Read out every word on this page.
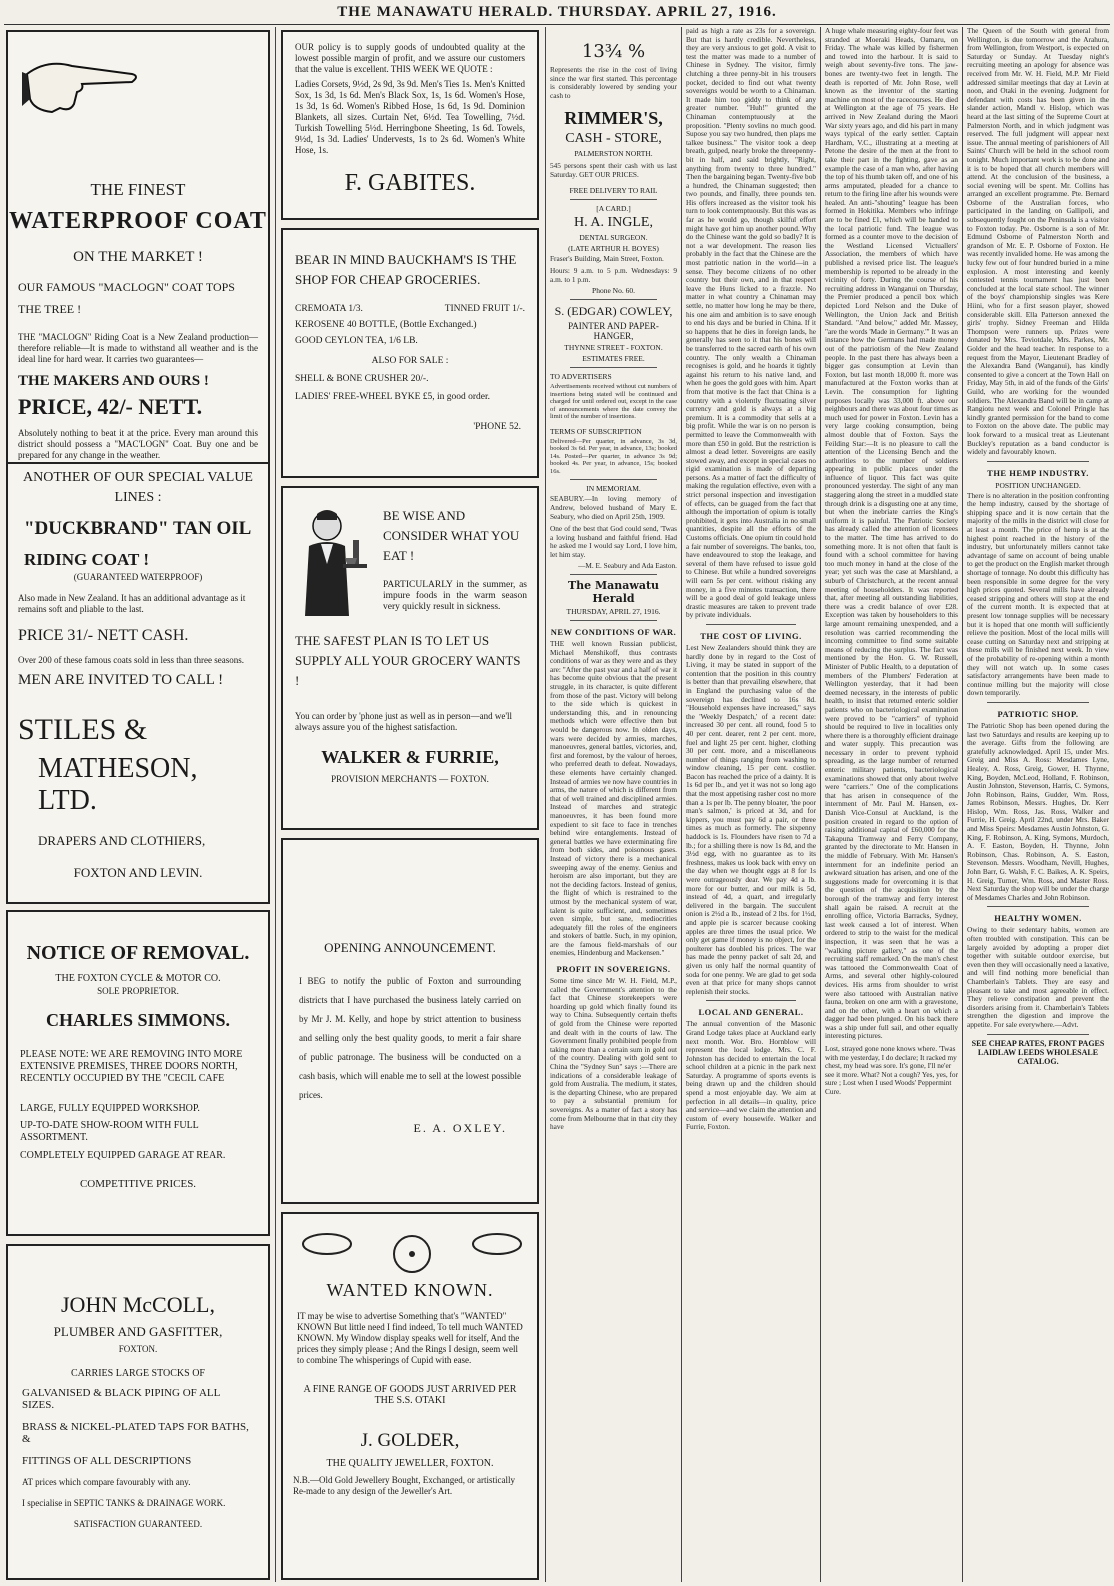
THE MANAWATU HERALD. THURSDAY. APRIL 27, 1916.

THE FINEST

WATERPROOF COAT

ON THE MARKET !

OUR FAMOUS "MACLOGN" COAT TOPS THE TREE !

THE "MACLOGN" Riding Coat is a New Zealand production—therefore reliable—It is made to withstand all weather and is the ideal line for hard wear. It carries two guarantees—

THE MAKERS AND OURS !

PRICE, 42/- NETT.

Absolutely nothing to beat it at the price. Every man around this district should possess a "MAC'LOGN" Coat. Buy one and be prepared for any change in the weather.

ANOTHER OF OUR SPECIAL VALUE LINES :

"DUCKBRAND" TAN OIL

RIDING COAT !

(GUARANTEED WATERPROOF)

Also made in New Zealand. It has an additional advantage as it remains soft and pliable to the last.

PRICE 31/- NETT CASH.

Over 200 of these famous coats sold in less than three seasons.

MEN ARE INVITED TO CALL !

STILES &

MATHESON, LTD.

DRAPERS AND CLOTHIERS,

FOXTON AND LEVIN.

NOTICE OF REMOVAL.

THE FOXTON CYCLE & MOTOR CO.

SOLE PROPRIETOR.

CHARLES SIMMONS.

PLEASE NOTE: WE ARE REMOVING INTO MORE EXTENSIVE PREMISES, THREE DOORS NORTH, RECENTLY OCCUPIED BY THE "CECIL CAFE

LARGE, FULLY EQUIPPED WORKSHOP.

UP-TO-DATE SHOW-ROOM WITH FULL ASSORTMENT.

COMPLETELY EQUIPPED GARAGE AT REAR.

COMPETITIVE PRICES.

JOHN McCOLL,

PLUMBER AND GASFITTER,

FOXTON.

CARRIES LARGE STOCKS OF

GALVANISED & BLACK PIPING OF ALL SIZES.

BRASS & NICKEL-PLATED TAPS FOR BATHS, &

FITTINGS OF ALL DESCRIPTIONS

AT prices which compare favourably with any.

I specialise in SEPTIC TANKS & DRAINAGE WORK.

SATISFACTION GUARANTEED.

OUR policy is to supply goods of undoubted quality at the lowest possible margin of profit, and we assure our customers that the value is excellent. THIS WEEK WE QUOTE :

Ladies Corsets, 9½d, 2s 9d, 3s 9d. Men's Ties 1s. Men's Knitted Sox, 1s 3d, 1s 6d. Men's Black Sox, 1s, 1s 6d. Women's Hose, 1s 3d, 1s 6d. Women's Ribbed Hose, 1s 6d, 1s 9d. Dominion Blankets, all sizes. Curtain Net, 6½d. Tea Towelling, 7½d. Turkish Towelling 5½d. Herringbone Sheeting, 1s 6d. Towels, 9½d, 1s 3d. Ladies' Undervests, 1s to 2s 6d. Women's White Hose, 1s.

F. GABITES.

BEAR IN MIND BAUCKHAM'S IS THE SHOP FOR CHEAP GROCERIES.

CREMOATA 1/3.	TINNED FRUIT 1/-.

KEROSENE 40 BOTTLE, (Bottle Exchanged.)

GOOD CEYLON TEA, 1/6 LB.

ALSO FOR SALE :

SHELL & BONE CRUSHER 20/-.

LADIES' FREE-WHEEL BYKE £5, in good order.

'PHONE 52.

BE WISE AND CONSIDER WHAT YOU EAT !

PARTICULARLY in the summer, as impure foods in the warm season very quickly result in sickness.

THE SAFEST PLAN IS TO LET US SUPPLY ALL YOUR GROCERY WANTS !

You can order by 'phone just as well as in person—and we'll always assure you of the highest satisfaction.

WALKER & FURRIE,

PROVISION MERCHANTS — FOXTON.

OPENING ANNOUNCEMENT.

I BEG to notify the public of Foxton and surrounding districts that I have purchased the business lately carried on by Mr J. M. Kelly, and hope by strict attention to business and selling only the best quality goods, to merit a fair share of public patronage. The business will be conducted on a cash basis, which will enable me to sell at the lowest possible prices.

E. A. OXLEY.

WANTED KNOWN.

IT may be wise to advertise Something that's "WANTED" KNOWN But little need I find indeed, To tell much WANTED KNOWN. My Window display speaks well for itself, And the prices they simply please ; And the Rings I design, seem well to combine The whisperings of Cupid with ease.

A FINE RANGE OF GOODS JUST ARRIVED PER THE S.S. OTAKI

J. GOLDER,

THE QUALITY JEWELLER, FOXTON.

N.B.—Old Gold Jewellery Bought, Exchanged, or artistically Re-made to any design of the Jeweller's Art.

13¾ %

Represents the rise in the cost of living since the war first started. This percentage is considerably lowered by sending your cash to

RIMMER'S,

CASH - STORE,

PALMERSTON NORTH.

545 persons spent their cash with us last Saturday. GET OUR PRICES.

FREE DELIVERY TO RAIL

[A CARD.]

H. A. INGLE,

DENTAL SURGEON.

(LATE ARTHUR H. BOYES)

Fraser's Building, Main Street, Foxton.

Hours: 9 a.m. to 5 p.m. Wednesdays: 9 a.m. to 1 p.m.

Phone No. 60.

S. (EDGAR) COWLEY,

PAINTER AND PAPER-HANGER,

THYNNE STREET - FOXTON.

ESTIMATES FREE.

TO ADVERTISERS

Advertisements received without cut numbers of insertions being stated will be continued and charged for until ordered out, except in the case of announcements where the date convey the limit of the number of insertions.

TERMS OF SUBSCRIPTION

Delivered—Per quarter, in advance, 3s 3d, booked 3s 6d. Per year, in advance, 13s; booked 14s. Posted—Per quarter, in advance 3s 9d; booked 4s. Per year, in advance, 15s; booked 16s.

IN MEMORIAM.

SEABURY.—In loving memory of Andrew, beloved husband of Mary E. Seabury, who died on April 25th, 1909.

One of the best that God could send, 'Twas a loving husband and faithful friend. Had he asked me I would say Lord, I love him, let him stay.

—M. E. Seabury and Ada Easton.

The Manawatu Herald

THURSDAY, APRIL 27, 1916.

NEW CONDITIONS OF WAR.

THE well known Russian publicist, Michael Menshikoff, thus contrasts conditions of war as they were and as they are: "After the past year and a half of war it has become quite obvious that the present struggle, in its character, is quite different from those of the past. Victory will belong to the side which is quickest in understanding this, and in renouncing methods which were effective then but would be dangerous now. In olden days, wars were decided by armies, marches, manoeuvres, general battles, victories, and, first and foremost, by the valour of heroes, who preferred death to defeat. Nowadays, these elements have certainly changed. Instead of armies we now have countries in arms, the nature of which is different from that of well trained and disciplined armies. Instead of marches and strategic manoeuvres, it has been found more expedient to sit face to face in trenches behind wire entanglements. Instead of general battles we have exterminating fire from both sides, and poisonous gases. Instead of victory there is a mechanical sweeping away of the enemy. Genius and heroism are also important, but they are not the deciding factors. Instead of genius, the flight of which is restrained to the utmost by the mechanical system of war, talent is quite sufficient, and, sometimes even simple, but sane, mediocrities adequately fill the roles of the engineers and stokers of battle. Such, in my opinion, are the famous field-marshals of our enemies, Hindenburg and Mackensen."

PROFIT IN SOVEREIGNS.

Some time since Mr W. H. Field, M.P., called the Government's attention to the fact that Chinese storekeepers were hoarding up gold which finally found its way to China. Subsequently certain thefts of gold from the Chinese were reported and dealt with in the courts of law. The Government finally prohibited people from taking more than a certain sum in gold out of the country. Dealing with gold sent to China the "Sydney Sun" says :—There are indications of a considerable leakage of gold from Australia. The medium, it states, is the departing Chinese, who are prepared to pay a substantial premium for sovereigns. As a matter of fact a story has come from Melbourne that in that city they have
paid as high a rate as 23s for a sovereign. But that is hardly credible. Nevertheless, they are very anxious to get gold. A visit to test the matter was made to a number of Chinese in Sydney. The visitor, firmly clutching a three penny-bit in his trousers pocket, decided to find out what twenty sovereigns would be worth to a Chinaman. It made him too giddy to think of any greater number. "Huh!" grunted the Chinaman contemptuously at the proposition. "Plenty sovlins no much good. Supose you say two hundred, then plaps me talkee business." The visitor took a deep breath, gulped, nearly broke the threepenny-bit in half, and said brightly, "Right, anything from twenty to three hundred." Then the bargaining began. Twenty-five bob a hundred, the Chinaman suggested; then two pounds, and finally, three pounds ten. His offers increased as the visitor took his turn to look contemptuously. But this was as far as he would go, though skilful effort might have got him up another pound. Why do the Chinese want the gold so badly? It is not a war development. The reason lies probably in the fact that the Chinese are the most patriotic nation in the world—in a sense. They become citizens of no other country but their own, and in that respect leave the Huns licked to a frazzle. No matter in what country a Chinaman may settle, no matter how long he may be there, his one aim and ambition is to save enough to end his days and be buried in China. If it so happens that he dies in foreign lands, he generally has seen to it that his bones will be transferred to the sacred earth of his own country. The only wealth a Chinaman recognises is gold, and he hoards it tightly against his return to his native land, and when he goes the gold goes with him. Apart from that motive is the fact that China is a country with a violently fluctuating silver currency and gold is always at a big premium. It is a commodity that sells at a big profit. While the war is on no person is permitted to leave the Commonwealth with more than £50 in gold. But the restriction is almost a dead letter. Sovereigns are easily stowed away, and except in special cases no rigid examination is made of departing persons. As a matter of fact the difficulty of making the regulation effective, even with a strict personal inspection and investigation of effects, can be guaged from the fact that although the importation of opium is totally prohibited, it gets into Australia in no small quantities, despite all the efforts of the Customs officials. One opium tin could hold a fair number of sovereigns. The banks, too, have endeavoured to stop the leakage, and several of them have refused to issue gold to Chinese. But while a hundred sovereigns will earn 5s per cent. without risking any money, in a five minutes transaction, there will be a good deal of gold leakage unless drastic measures are taken to prevent trade by private individuals.

THE COST OF LIVING.

Lest New Zealanders should think they are hardly done by in regard to the Cost of Living, it may be stated in support of the contention that the position in this country is better than that prevailing elsewhere, that in England the purchasing value of the sovereign has declined to 16s 8d. "Household expenses have increased," says the 'Weekly Despatch,' of a recent date: increased 30 per cent. all round, food 5 to 40 per cent. dearer, rent 2 per cent. more, fuel and light 25 per cent. higher, clothing 30 per cent. more, and a miscellaneous number of things ranging from washing to window cleaning, 15 per cent. costlier. Bacon has reached the price of a dainty. It is 1s 6d per lb., and yet it was not so long ago that the most appetising rasher cost no more than a 1s per lb. The penny bloater, 'the poor man's salmon,' is priced at 3d, and for kippers, you must pay 6d a pair, or three times as much as formerly. The sixpenny haddock is 1s. Flounders have risen to 7d a lb.; for a shilling there is now 1s 8d, and the 3½d egg, with no guarantee as to its freshness, makes us look back with envy on the day when we thought eggs at 8 for 1s were outrageously dear. We pay 4d a lb. more for our butter, and our milk is 5d, instead of 4d, a quart, and irregularly delivered in the bargain. The succulent onion is 2½d a lb., instead of 2 lbs. for 1½d, and apple pie is scarcer because cooking apples are three times the usual price. We only get game if money is no object, for the poulterer has doubled his prices. The war has made the penny packet of salt 2d, and given us only half the normal quantity of soda for one penny. We are glad to get soda even at that price for many shops cannot replenish their stocks.

LOCAL AND GENERAL.

The annual convention of the Masonic Grand Lodge takes place at Auckland early next month. Wor. Bro. Hornblow will represent the local lodge. Mrs. C. F. Johnston has decided to entertain the local school children at a picnic in the park next Saturday. A programme of sports events is being drawn up and the children should spend a most enjoyable day. We aim at perfection in all details—in quality, price and service—and we claim the attention and custom of every housewife. Walker and Furrie, Foxton.
A huge whale measuring eighty-four feet was stranded at Moeraki Heads, Oamaru, on Friday. The whale was killed by fishermen and towed into the harbour. It is said to weigh about seventy-five tons. The jaw-bones are twenty-two feet in length. The death is reported of Mr. John Rose, well known as the inventor of the starting machine on most of the racecourses. He died at Wellington at the age of 75 years. He arrived in New Zealand during the Maori War sixty years ago, and did his part in many ways typical of the early settler. Captain Hardham, V.C., illustrating at a meeting at Petone the desire of the men at the front to take their part in the fighting, gave as an example the case of a man who, after having the top of his thumb taken off, and one of his arms amputated, pleaded for a chance to return to the firing line after his wounds were healed. An anti-"shouting" league has been formed in Hokitika. Members who infringe are to be fined £1, which will be handed to the local patriotic fund. The league was formed as a counter move to the decision of the Westland Licensed Victuallers' Association, the members of which have published a revised price list. The league's membership is reported to be already in the vicinity of forty. During the course of his recruiting address in Wanganui on Thursday, the Premier produced a pencil box which depicted Lord Nelson and the Duke of Wellington, the Union Jack and British Standard. "And below," added Mr. Massey, "are the words 'Made in Germany.'" It was an instance how the Germans had made money out of the patriotism of the New Zealand people. In the past there has always been a bigger gas consumption at Levin than Foxton, but last month 18,000 ft. more was manufactured at the Foxton works than at Levin. The consumption for lighting purposes locally was 33,000 ft. above our neighbours and there was about four times as much used for power in Foxton. Levin has a very large cooking consumption, being almost double that of Foxton. Says the Feilding Star:—It is no pleasure to call the attention of the Licensing Bench and the authorities to the number of soldiers appearing in public places under the influence of liquor. This fact was quite pronounced yesterday. The sight of any man staggering along the street in a muddled state through drink is a disgusting one at any time, but when the inebriate carries the King's uniform it is painful. The Patriotic Society has already called the attention of licensees to the matter. The time has arrived to do something more. It is not often that fault is found with a school committee for having too much money in hand at the close of the year; yet such was the case at Marshland, a suburb of Christchurch, at the recent annual meeting of householders. It was reported that, after meeting all outstanding liabilities, there was a credit balance of over £28. Exception was taken by householders to this large amount remaining unexpended, and a resolution was carried recommending the incoming committee to find some suitable means of reducing the surplus. The fact was mentioned by the Hon. G. W. Russell, Minister of Public Health, to a deputation of members of the Plumbers' Federation at Wellington yesterday, that it had been deemed necessary, in the interests of public health, to insist that returned enteric soldier patients who on bacteriological examination were proved to be "carriers" of typhoid should be required to live in localities only where there is a thoroughly efficient drainage and water supply. This precaution was necessary in order to prevent typhoid spreading, as the large number of returned enteric military patients, bacteriological examinations showed that only about twelve were "carriers." One of the complications that has arisen in consequence of the internment of Mr. Paul M. Hansen, ex-Danish Vice-Consul at Auckland, is the position created in regard to the option of raising additional capital of £60,000 for the Takapuna Tramway and Ferry Company, granted by the directorate to Mr. Hansen in the middle of February. With Mr. Hansen's internment for an indefinite period an awkward situation has arisen, and one of the suggestions made for overcoming it is that the question of the acquisition by the borough of the tramway and ferry interest shall again be raised. A recruit at the enrolling office, Victoria Barracks, Sydney, last week caused a lot of interest. When ordered to strip to the waist for the medical inspection, it was seen that he was a "walking picture gallery," as one of the recruiting staff remarked. On the man's chest was tattooed the Commonwealth Coat of Arms, and several other highly-coloured devices. His arms from shoulder to wrist were also tattooed with Australian native fauna, broken on one arm with a gravestone, and on the other, with a heart on which a dagger had been plunged. On his back there was a ship under full sail, and other equally interesting pictures.
Lost, strayed gone none knows where. 'Twas with me yesterday, I do declare; It racked my chest, my head was sore. It's gone, I'll ne'er see it more. What? Not a cough? Yes, yes, for sure ; Lost when I used Woods' Peppermint Cure.
The Queen of the South with general from Wellington, is due tomorrow and the Arahura, from Wellington, from Westport, is expected on Saturday or Sunday. At Tuesday night's recruiting meeting an apology for absence was received from Mr. W. H. Field, M.P. Mr Field addressed similar meetings that day at Levin at noon, and Otaki in the evening. Judgment for defendant with costs has been given in the slander action, Mandl v. Hislop, which was heard at the last sitting of the Supreme Court at Palmerston North, and in which judgment was reserved. The full judgment will appear next issue. The annual meeting of parishioners of All Saints' Church will be held in the school room tonight. Much important work is to be done and it is to be hoped that all church members will attend. At the conclusion of the business, a social evening will be spent. Mr. Collins has arranged an excellent programme. Pte. Bernard Osborne of the Australian forces, who participated in the landing on Gallipoli, and subsequently fought on the Peninsula is a visitor to Foxton today. Pte. Osborne is a son of Mr. Edmund Osborne of Palmerston North and grandson of Mr. E. P. Osborne of Foxton. He was recently invalided home. He was among the lucky few out of four hundred buried in a mine explosion. A most interesting and keenly contested tennis tournament has just been concluded at the local state school. The winner of the boys' championship singles was Kere Hiini, who for a first season player, showed considerable skill. Ella Patterson annexed the girls' trophy. Sidney Freeman and Hilda Thompson were runners up. Prizes were donated by Mrs. Teviotdale, Mrs. Parkes, Mr. Golder and the head teacher. In response to a request from the Mayor, Lieutenant Bradley of the Alexandra Band (Wanganui), has kindly consented to give a concert at the Town Hall on Friday, May 5th, in aid of the funds of the Girls' Guild, who are working for the wounded soldiers. The Alexandra Band will be in camp at Rangiotu next week and Colonel Pringle has kindly granted permission for the band to come to Foxton on the above date. The public may look forward to a musical treat as Lieutenant Buckley's reputation as a band conductor is widely and favourably known.

THE HEMP INDUSTRY.

POSITION UNCHANGED.

There is no alteration in the position confronting the hemp industry, caused by the shortage of shipping space and it is now certain that the majority of the mills in the district will close for at least a month. The price of hemp is at the highest point reached in the history of the industry, but unfortunately millers cannot take advantage of same on account of being unable to get the product on the English market through shortage of tonnage. No doubt this difficulty has been responsible in some degree for the very high prices quoted. Several mills have already ceased stripping and others will stop at the end of the current month. It is expected that at present low tonnage supplies will be necessary but it is hoped that one month will sufficiently relieve the position. Most of the local mills will cease cutting on Saturday next and stripping at these mills will be finished next week. In view of the probability of re-opening within a month they will not watch up. In some cases satisfactory arrangements have been made to continue milling but the majority will close down temporarily.

PATRIOTIC SHOP.

The Patriotic Shop has been opened during the last two Saturdays and results are keeping up to the average. Gifts from the following are gratefully acknowledged. April 15, under Mrs. Greig and Miss A. Ross: Mesdames Lyne, Healey, A. Ross, Greig, Gower, H. Thynne, King, Boyden, McLeod, Holland, F. Robinson, Austin Johnston, Stevenson, Harris, C. Symons, John Robinson, Rains, Gudder, Wm. Ross, James Robinson, Messrs. Hughes, Dr. Kerr Hislop, Wm. Ross, Jas. Ross, Walker and Furrie, H. Greig. April 22nd, under Mrs. Baker and Miss Speirs: Mesdames Austin Johnston, G. King, F. Robinson, A. King, Symons, Murdoch, A. F. Easton, Boyden, H. Thynne, John Robinson, Chas. Robinson, A. S. Easton, Stevenson. Messrs. Woodham, Nevill, Hughes, John Barr, G. Walsh, F. C. Baikes, A. K. Speirs, H. Greig, Turner, Wm. Ross, and Master Ross. Next Saturday the shop will be under the charge of Mesdames Charles and John Robinson.

HEALTHY WOMEN.

Owing to their sedentary habits, women are often troubled with constipation. This can be largely avoided by adopting a proper diet together with suitable outdoor exercise, but even then they will occasionally need a laxative, and will find nothing more beneficial than Chamberlain's Tablets. They are easy and pleasant to take and most agreeable in effect. They relieve constipation and prevent the disorders arising from it. Chamberlain's Tablets strengthen the digestion and improve the appetite. For sale everywhere.—Advt.

SEE CHEAP RATES, FRONT PAGES LAIDLAW LEEDS WHOLESALE CATALOG.
